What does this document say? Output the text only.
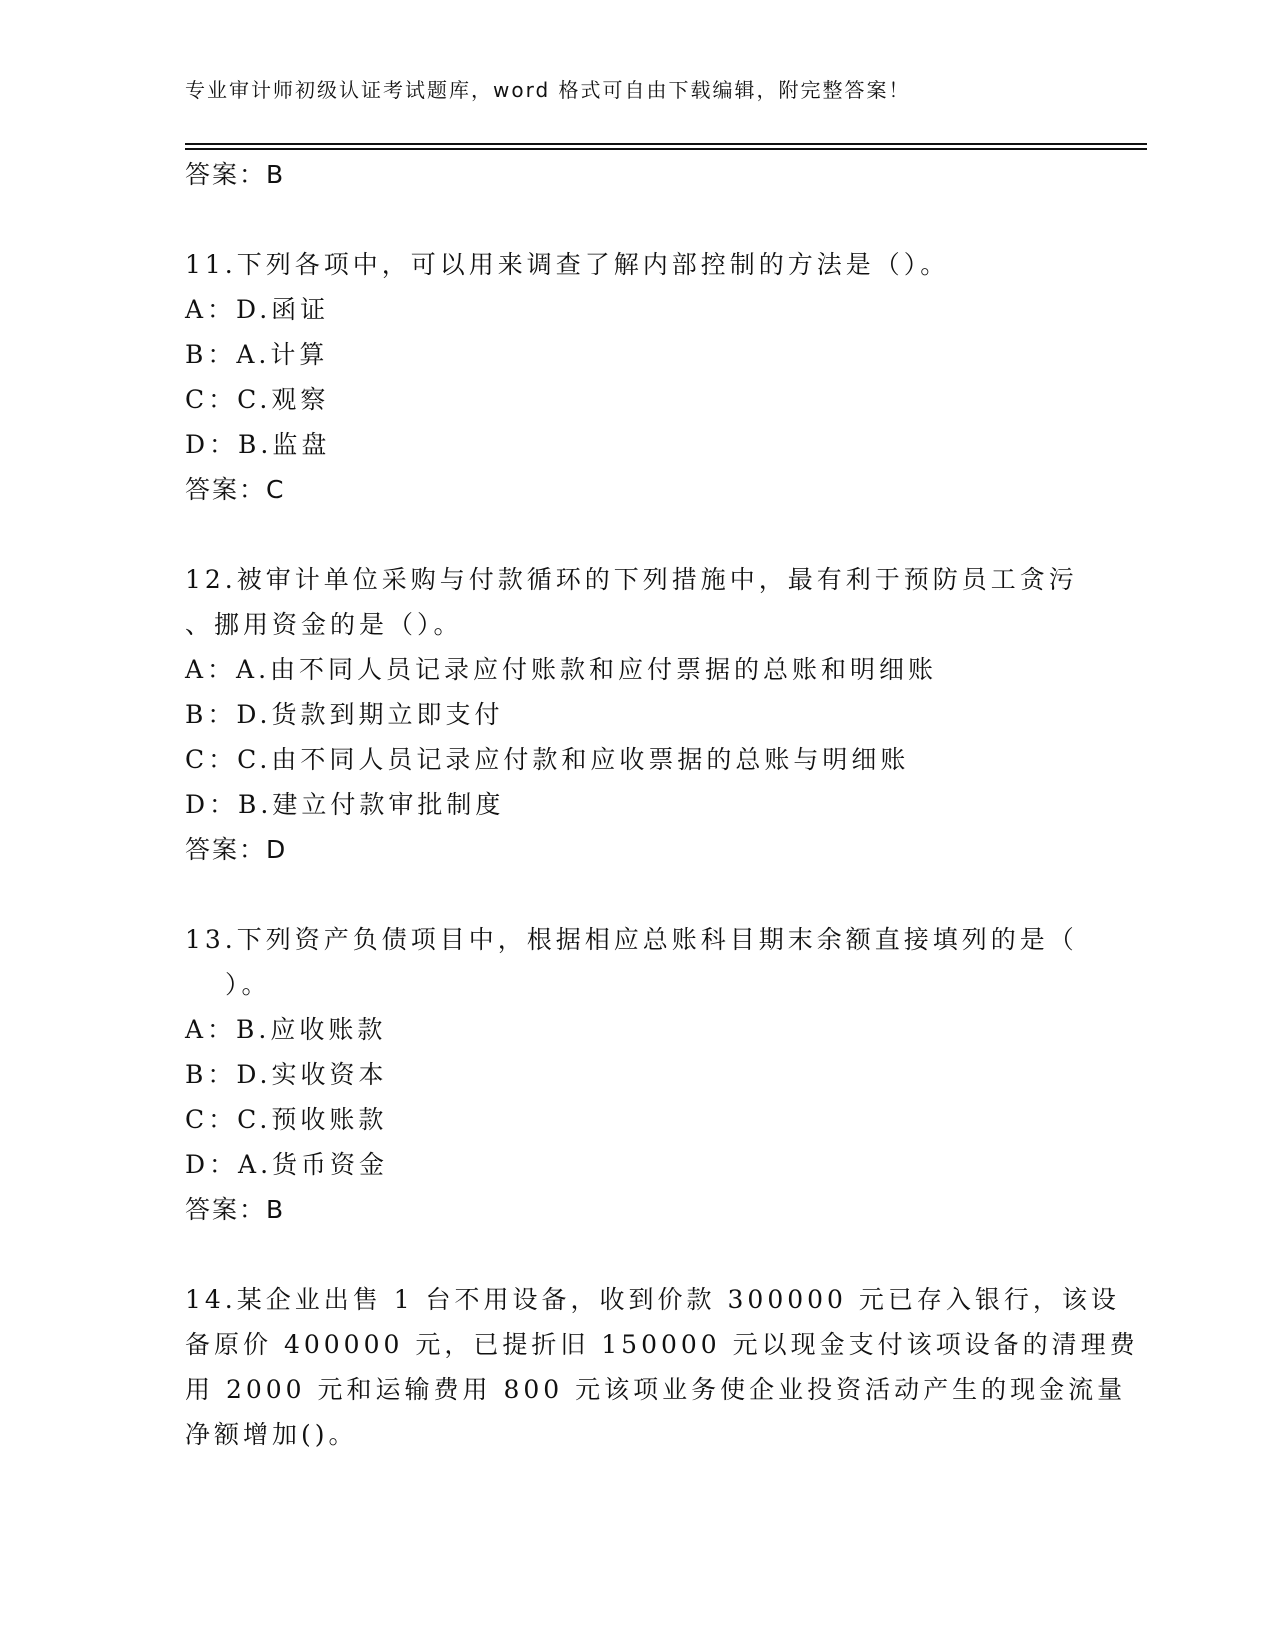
专业审计师初级认证考试题库，word 格式可自由下载编辑，附完整答案！
答案：B
11.下列各项中，可以用来调查了解内部控制的方法是（）。
A：D.函证
B：A.计算
C：C.观察
D：B.监盘
答案：C
12.被审计单位采购与付款循环的下列措施中，最有利于预防员工贪污
、挪用资金的是（）。
A：A.由不同人员记录应付账款和应付票据的总账和明细账
B：D.货款到期立即支付
C：C.由不同人员记录应付款和应收票据的总账与明细账
D：B.建立付款审批制度
答案：D
13.下列资产负债项目中，根据相应总账科目期末余额直接填列的是（
）。
A：B.应收账款
B：D.实收资本
C：C.预收账款
D：A.货币资金
答案：B
14.某企业出售 1 台不用设备，收到价款 300000 元已存入银行，该设
备原价 400000 元，已提折旧 150000 元以现金支付该项设备的清理费
用 2000 元和运输费用 800 元该项业务使企业投资活动产生的现金流量
净额增加()。
